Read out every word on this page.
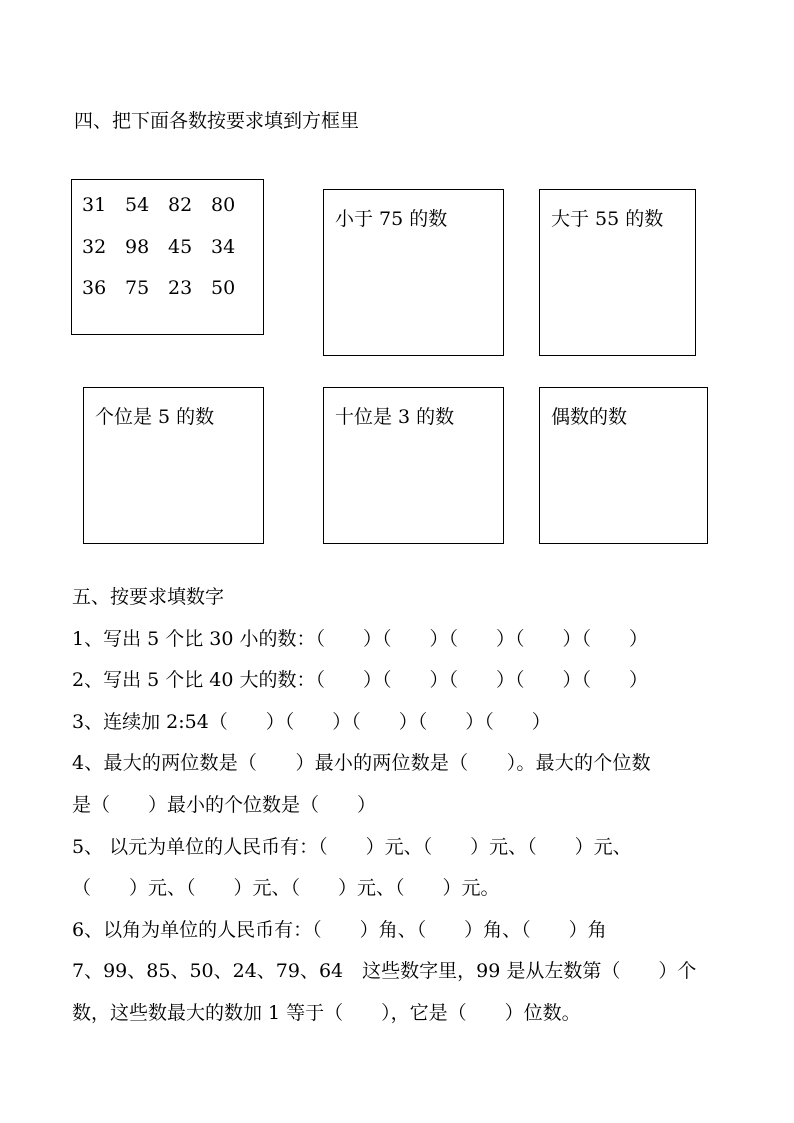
四、把下面各数按要求填到方框里
31 54 82 80
32 98 45 34
36 75 23 50
小于 75 的数	大于 55 的数
个位是 5 的数	十位是 3 的数	偶数的数
五、按要求填数字
1、写出 5 个比 30 小的数：（　　）（　　）（　　）（　　）（　　）
2、写出 5 个比 40 大的数：（　　）（　　）（　　）（　　）（　　）
3、连续加 2:54（　　）（　　）（　　）（　　）（　　）
4、最大的两位数是（　　）最小的两位数是（　　）。最大的个位数
是（　　）最小的个位数是（　　）
5、 以元为单位的人民币有：（　　）元、（　　）元、（　　）元、
（　　）元、（　　）元、（　　）元、（　　）元。
6、以角为单位的人民币有：（　　）角、（　　）角、（　　）角
7、99、85、50、24、79、64　这些数字里，99 是从左数第（　　）个
数，这些数最大的数加 1 等于（　　），它是（　　）位数。
